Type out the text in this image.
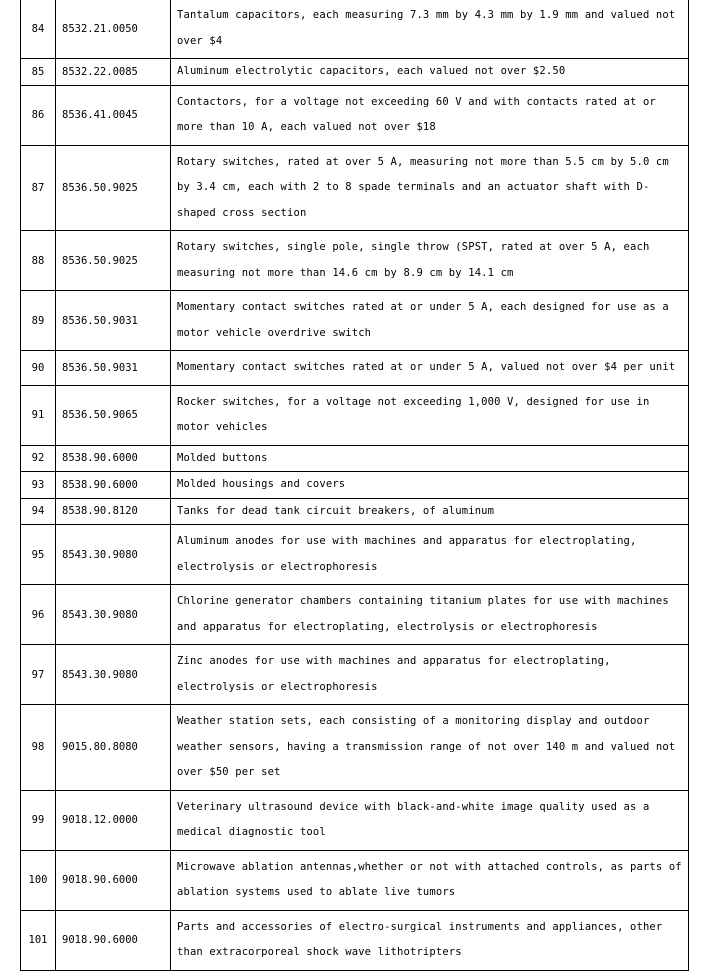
84	8532.21.0050	Tantalum capacitors, each measuring 7.3 mm by 4.3 mm by 1.9 mm and valued not over $4
85	8532.22.0085	Aluminum electrolytic capacitors, each valued not over $2.50
86	8536.41.0045	Contactors, for a voltage not exceeding 60 V and with contacts rated at or more than 10 A, each valued not over $18
87	8536.50.9025	Rotary switches, rated at over 5 A, measuring not more than 5.5 cm by 5.0 cm by 3.4 cm, each with 2 to 8 spade terminals and an actuator shaft with D-shaped cross section
88	8536.50.9025	Rotary switches, single pole, single throw (SPST, rated at over 5 A, each measuring not more than 14.6 cm by 8.9 cm by 14.1 cm
89	8536.50.9031	Momentary contact switches rated at or under 5 A, each designed for use as a motor vehicle overdrive switch
90	8536.50.9031	Momentary contact switches rated at or under 5 A, valued not over $4 per unit
91	8536.50.9065	Rocker switches, for a voltage not exceeding 1,000 V, designed for use in motor vehicles
92	8538.90.6000	Molded buttons
93	8538.90.6000	Molded housings and covers
94	8538.90.8120	Tanks for dead tank circuit breakers, of aluminum
95	8543.30.9080	Aluminum anodes for use with machines and apparatus for electroplating, electrolysis or electrophoresis
96	8543.30.9080	Chlorine generator chambers containing titanium plates for use with machines and apparatus for electroplating, electrolysis or electrophoresis
97	8543.30.9080	Zinc anodes for use with machines and apparatus for electroplating, electrolysis or electrophoresis
98	9015.80.8080	Weather station sets, each consisting of a monitoring display and outdoor weather sensors, having a transmission range of not over 140 m and valued not over $50 per set
99	9018.12.0000	Veterinary ultrasound device with black-and-white image quality used as a medical diagnostic tool
100	9018.90.6000	Microwave ablation antennas,whether or not with attached controls, as parts of ablation systems used to ablate live tumors
101	9018.90.6000	Parts and accessories of electro-surgical instruments and appliances, other than extracorporeal shock wave lithotripters
